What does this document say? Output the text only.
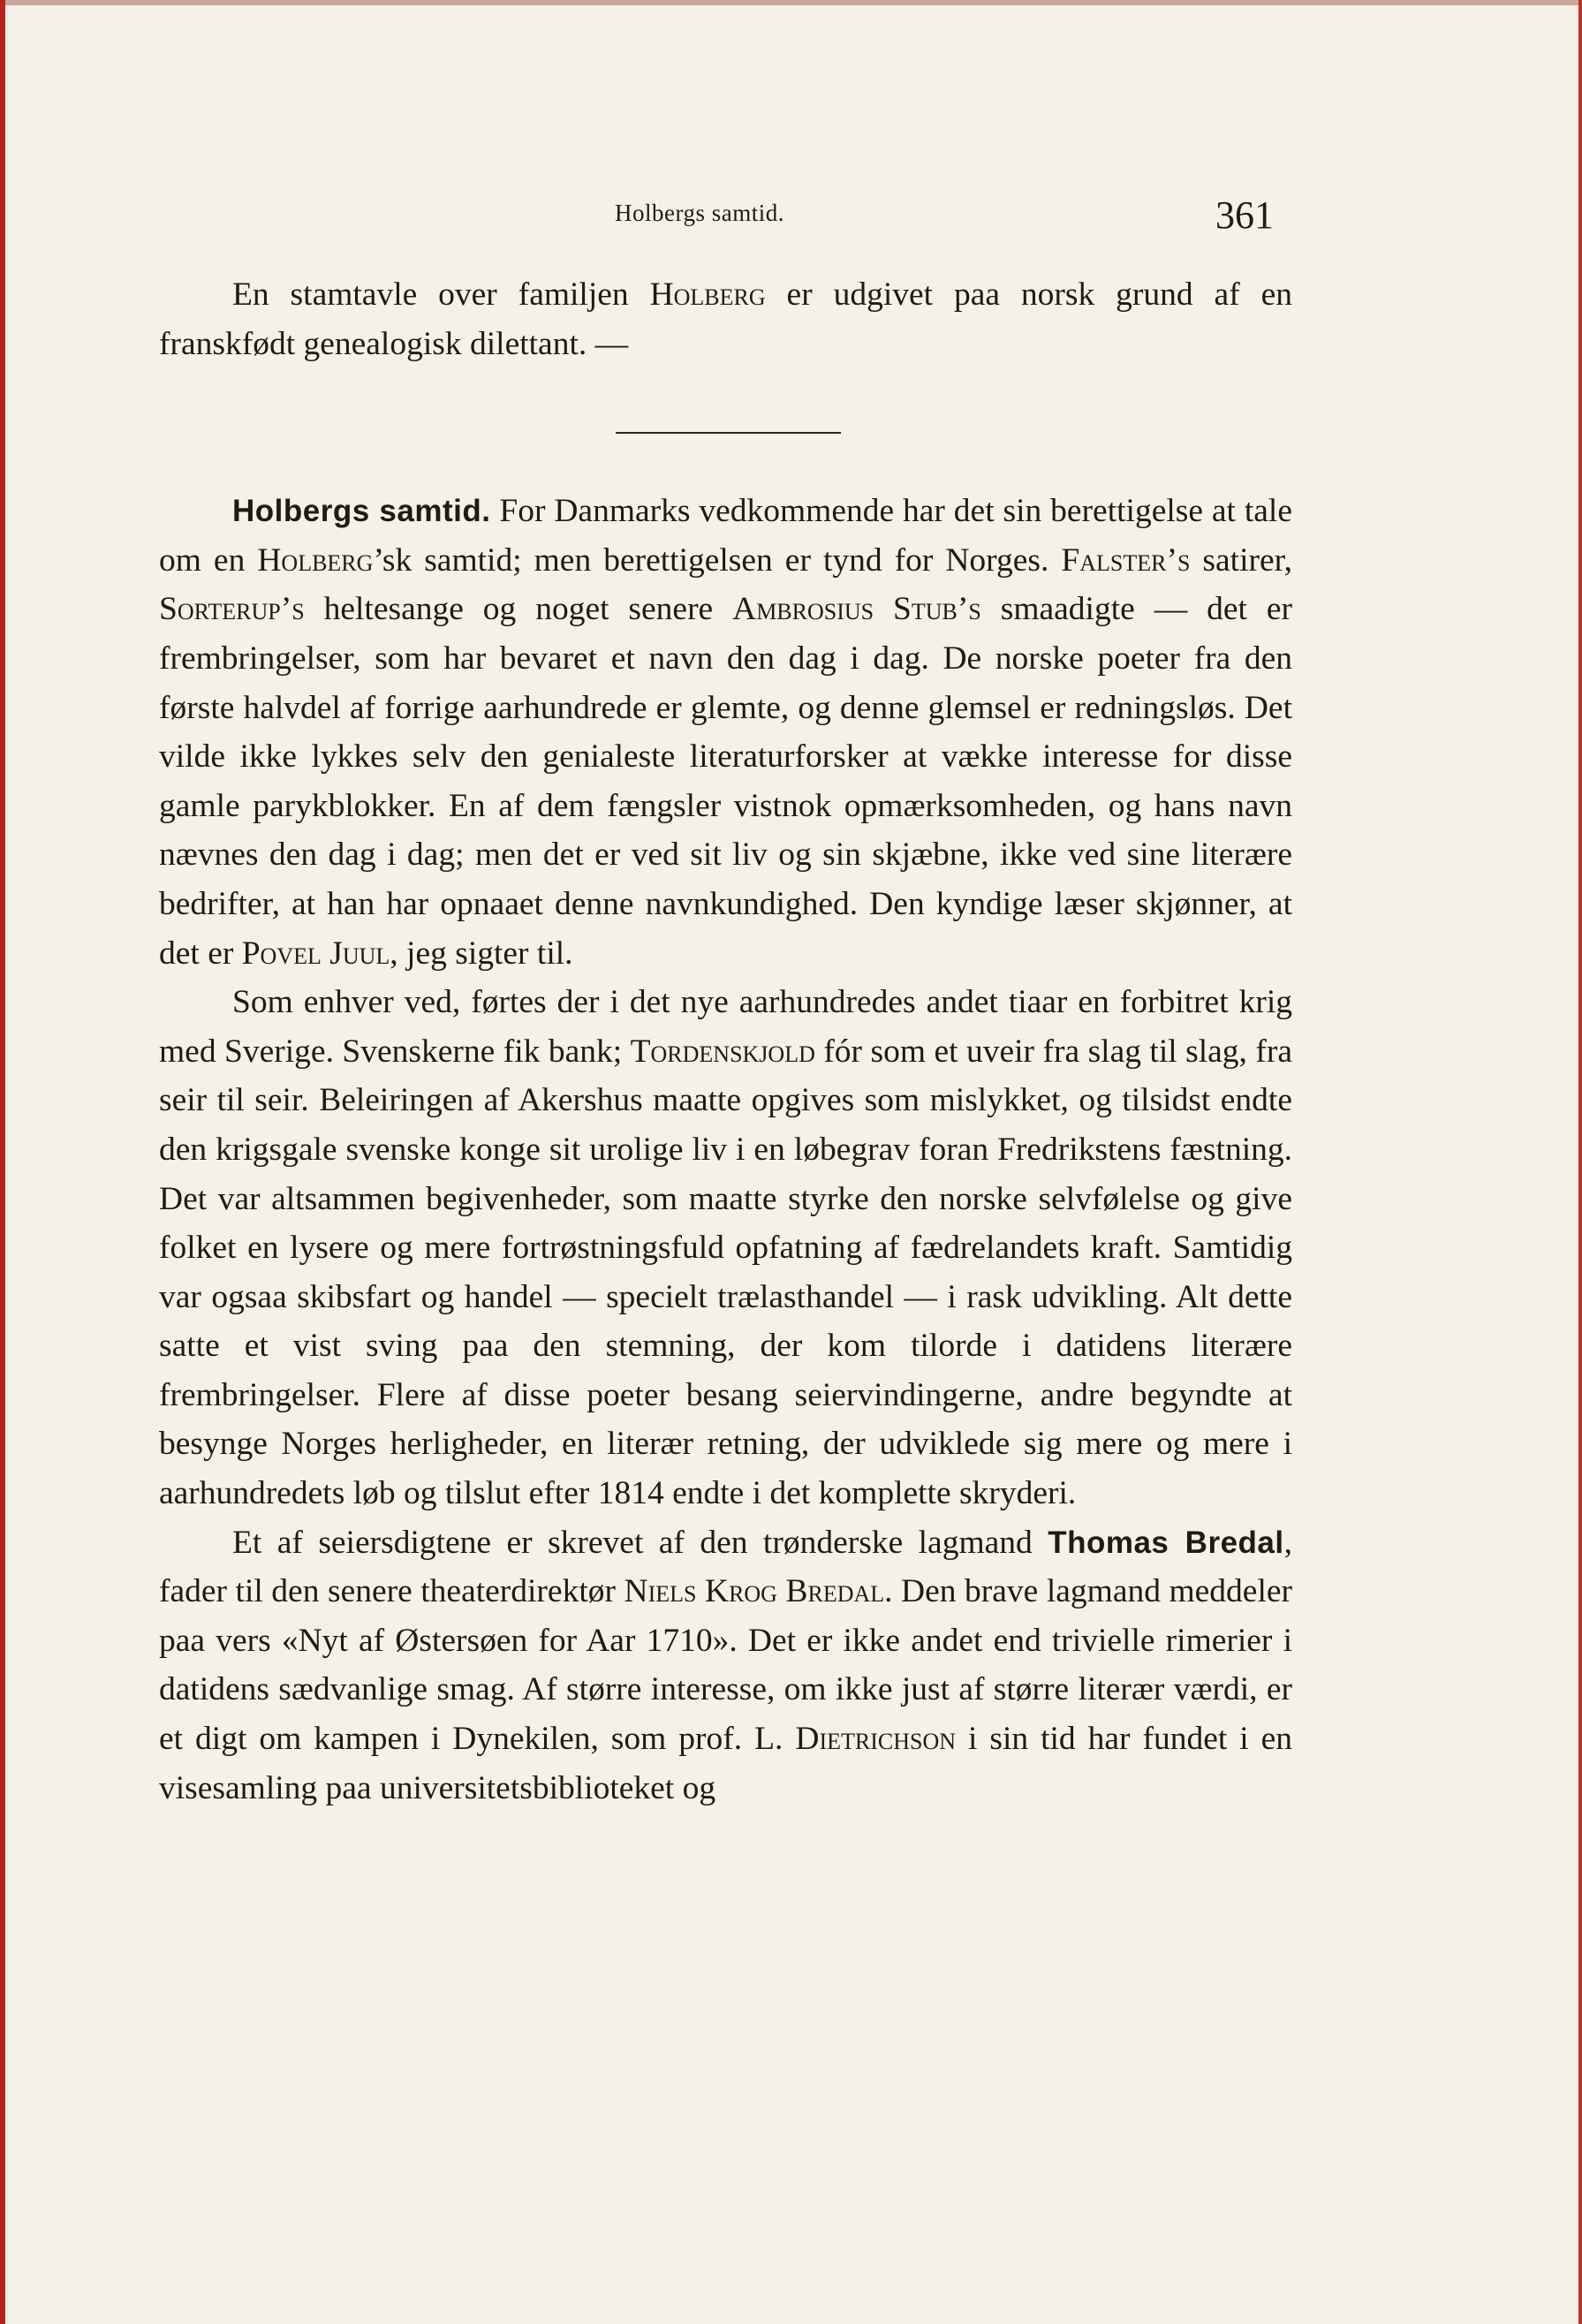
Holbergs samtid.	361

En stamtavle over familjen Holberg er udgivet paa norsk grund af en franskfødt genealogisk dilettant. —

Holbergs samtid. For Danmarks vedkommende har det sin berettigelse at tale om en Holberg’sk samtid; men berettigelsen er tynd for Norges. Falster’s satirer, Sorterup’s heltesange og noget senere Ambrosius Stub’s smaadigte — det er frembringelser, som har bevaret et navn den dag i dag. De norske poeter fra den første halvdel af forrige aarhundrede er glemte, og denne glemsel er redningsløs. Det vilde ikke lykkes selv den genialeste literaturforsker at vække interesse for disse gamle parykblokker. En af dem fængsler vistnok opmærksomheden, og hans navn nævnes den dag i dag; men det er ved sit liv og sin skjæbne, ikke ved sine literære bedrifter, at han har opnaaet denne navnkundighed. Den kyndige læser skjønner, at det er Povel Juul, jeg sigter til.

Som enhver ved, førtes der i det nye aarhundredes andet tiaar en forbitret krig med Sverige. Svenskerne fik bank; Tordenskjold fór som et uveir fra slag til slag, fra seir til seir. Beleiringen af Akershus maatte opgives som mislykket, og tilsidst endte den krigsgale svenske konge sit urolige liv i en løbegrav foran Fredrikstens fæstning. Det var altsammen begivenheder, som maatte styrke den norske selvfølelse og give folket en lysere og mere fortrøstningsfuld opfatning af fædrelandets kraft. Samtidig var ogsaa skibsfart og handel — specielt trælasthandel — i rask udvikling. Alt dette satte et vist sving paa den stemning, der kom tilorde i datidens literære frembringelser. Flere af disse poeter besang seiervindingerne, andre begyndte at besynge Norges herligheder, en literær retning, der udviklede sig mere og mere i aarhundredets løb og tilslut efter 1814 endte i det komplette skryderi.

Et af seiersdigtene er skrevet af den trønderske lagmand Thomas Bredal, fader til den senere theaterdirektør Niels Krog Bredal. Den brave lagmand meddeler paa vers «Nyt af Østersøen for Aar 1710». Det er ikke andet end trivielle rimerier i datidens sædvanlige smag. Af større interesse, om ikke just af større literær værdi, er et digt om kampen i Dynekilen, som prof. L. Dietrichson i sin tid har fundet i en visesamling paa universitetsbiblioteket og
